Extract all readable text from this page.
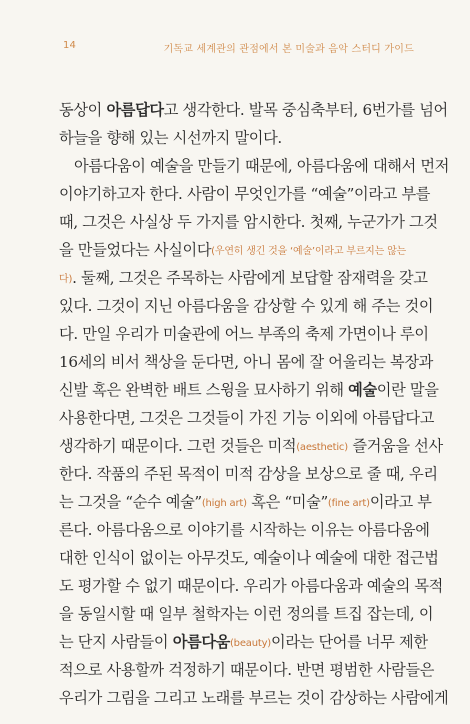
14	기독교 세계관의 관점에서 본 미술과 음악 스터디 가이드
동상이 아름답다고 생각한다. 발목 중심축부터, 6번가를 넘어
하늘을 향해 있는 시선까지 말이다.
아름다움이 예술을 만들기 때문에, 아름다움에 대해서 먼저
이야기하고자 한다. 사람이 무엇인가를 “예술”이라고 부를
때, 그것은 사실상 두 가지를 암시한다. 첫째, 누군가가 그것
을 만들었다는 사실이다(우연히 생긴 것을 ‘예술’이라고 부르지는 않는
다). 둘째, 그것은 주목하는 사람에게 보답할 잠재력을 갖고
있다. 그것이 지닌 아름다움을 감상할 수 있게 해 주는 것이
다. 만일 우리가 미술관에 어느 부족의 축제 가면이나 루이
16세의 비서 책상을 둔다면, 아니 몸에 잘 어울리는 복장과
신발 혹은 완벽한 배트 스윙을 묘사하기 위해 예술이란 말을
사용한다면, 그것은 그것들이 가진 기능 이외에 아름답다고
생각하기 때문이다. 그런 것들은 미적(aesthetic) 즐거움을 선사
한다. 작품의 주된 목적이 미적 감상을 보상으로 줄 때, 우리
는 그것을 “순수 예술”(high art) 혹은 “미술”(fine art)이라고 부
른다. 아름다움으로 이야기를 시작하는 이유는 아름다움에
대한 인식이 없이는 아무것도, 예술이나 예술에 대한 접근법
도 평가할 수 없기 때문이다. 우리가 아름다움과 예술의 목적
을 동일시할 때 일부 철학자는 이런 정의를 트집 잡는데, 이
는 단지 사람들이 아름다움(beauty)이라는 단어를 너무 제한
적으로 사용할까 걱정하기 때문이다. 반면 평범한 사람들은
우리가 그림을 그리고 노래를 부르는 것이 감상하는 사람에게
